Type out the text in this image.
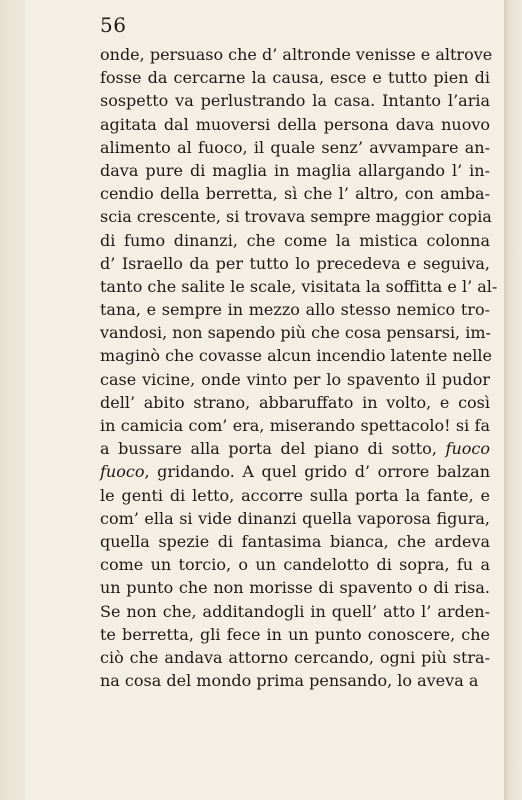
56
onde, persuaso che d’ altronde venisse e altrove
fosse da cercarne la causa, esce e tutto pien di
sospetto va perlustrando la casa. Intanto l’aria
agitata dal muoversi della persona dava nuovo
alimento al fuoco, il quale senz’ avvampare an-
dava pure di maglia in maglia allargando l’ in-
cendio della berretta, sì che l’ altro, con amba-
scia crescente, si trovava sempre maggior copia
di fumo dinanzi, che come la mistica colonna
d’ Israello da per tutto lo precedeva e seguiva,
tanto che salite le scale, visitata la soffitta e l’ al-
tana, e sempre in mezzo allo stesso nemico tro-
vandosi, non sapendo più che cosa pensarsi, im-
maginò che covasse alcun incendio latente nelle
case vicine, onde vinto per lo spavento il pudor
dell’ abito strano, abbaruffato in volto, e così
in camicia com’ era, miserando spettacolo! si fa
a bussare alla porta del piano di sotto, fuoco
fuoco, gridando. A quel grido d’ orrore balzan
le genti di letto, accorre sulla porta la fante, e
com’ ella si vide dinanzi quella vaporosa figura,
quella spezie di fantasima bianca, che ardeva
come un torcio, o un candelotto di sopra, fu a
un punto che non morisse di spavento o di risa.
Se non che, additandogli in quell’ atto l’ arden-
te berretta, gli fece in un punto conoscere, che
ciò che andava attorno cercando, ogni più stra-
na cosa del mondo prima pensando, lo aveva a
